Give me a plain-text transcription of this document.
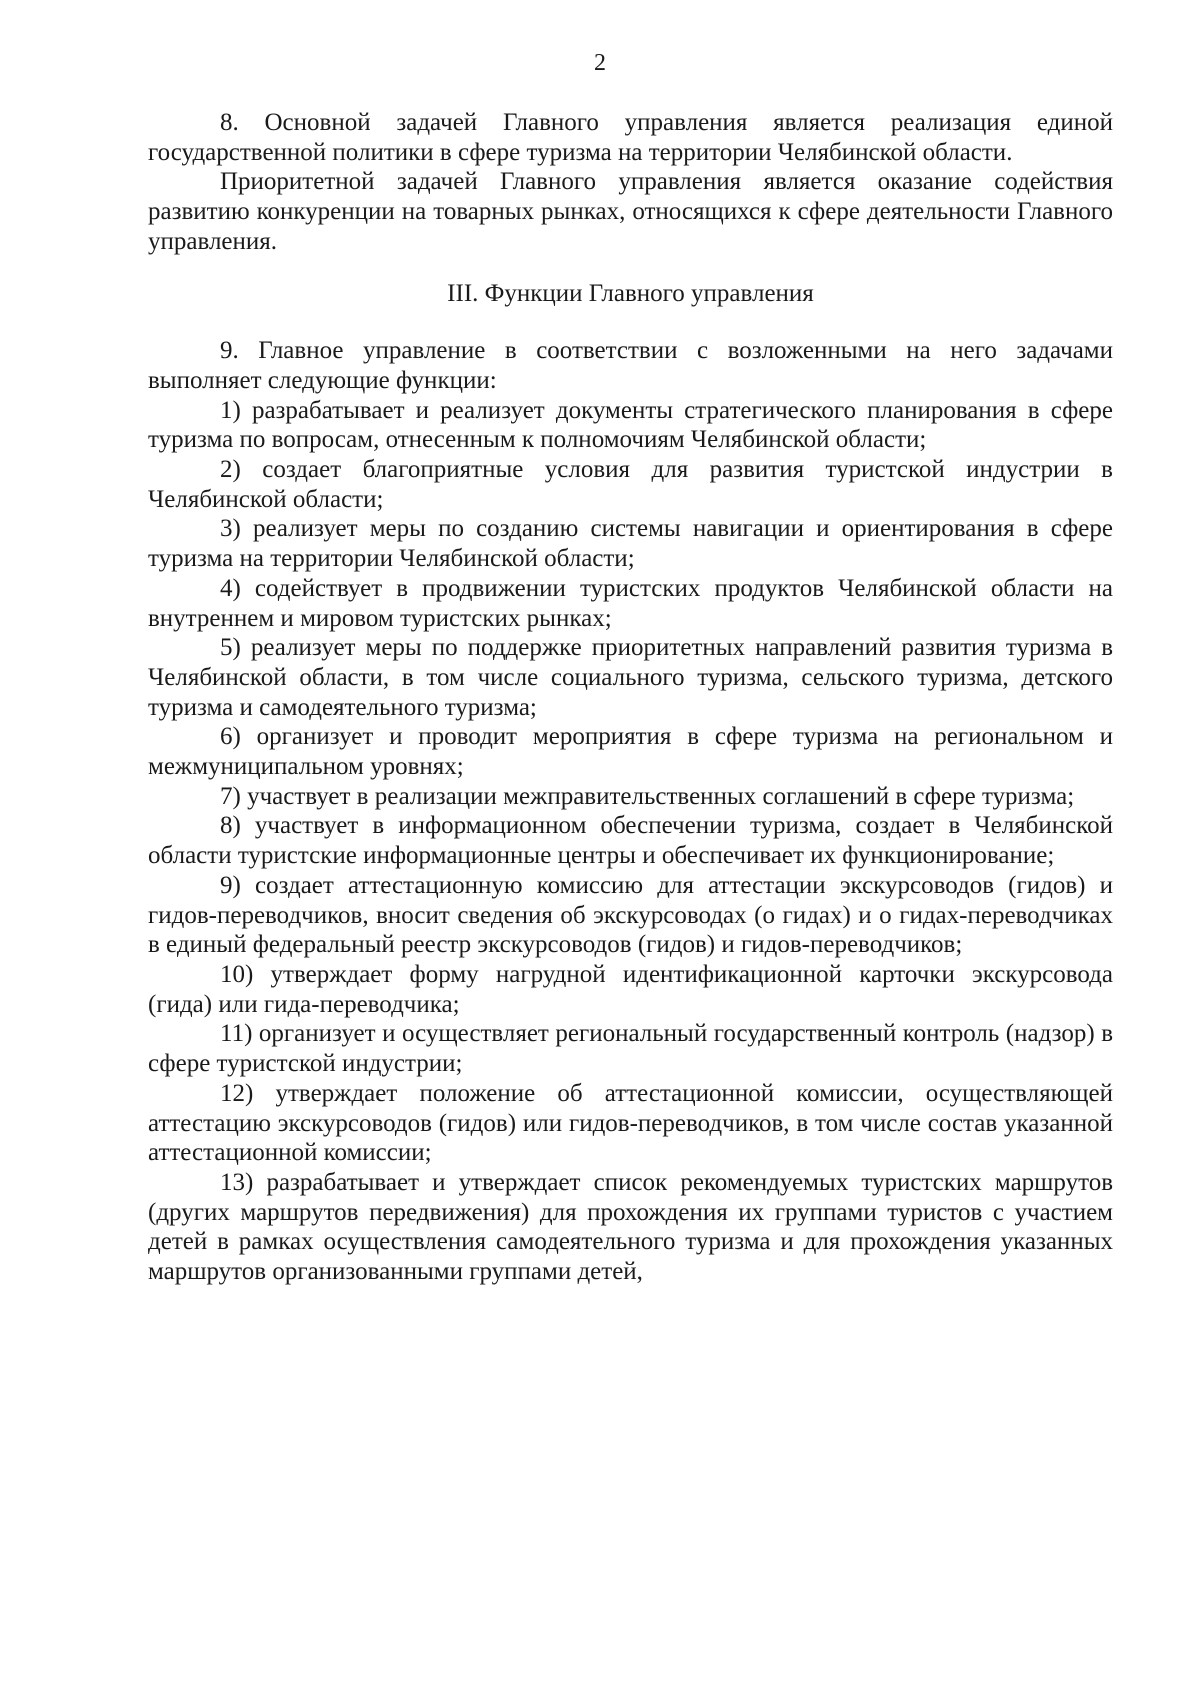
2

8. Основной задачей Главного управления является реализация единой государственной политики в сфере туризма на территории Челябинской области.

Приоритетной задачей Главного управления является оказание содействия развитию конкуренции на товарных рынках, относящихся к сфере деятельности Главного управления.

III. Функции Главного управления

9. Главное управление в соответствии с возложенными на него задачами выполняет следующие функции:

1) разрабатывает и реализует документы стратегического планирования в сфере туризма по вопросам, отнесенным к полномочиям Челябинской области;

2) создает благоприятные условия для развития туристской индустрии в Челябинской области;

3) реализует меры по созданию системы навигации и ориентирования в сфере туризма на территории Челябинской области;

4) содействует в продвижении туристских продуктов Челябинской области на внутреннем и мировом туристских рынках;

5) реализует меры по поддержке приоритетных направлений развития туризма в Челябинской области, в том числе социального туризма, сельского туризма, детского туризма и самодеятельного туризма;

6) организует и проводит мероприятия в сфере туризма на региональном и межмуниципальном уровнях;

7) участвует в реализации межправительственных соглашений в сфере туризма;

8) участвует в информационном обеспечении туризма, создает в Челябинской области туристские информационные центры и обеспечивает их функционирование;

9) создает аттестационную комиссию для аттестации экскурсоводов (гидов) и гидов-переводчиков, вносит сведения об экскурсоводах (о гидах) и о гидах-переводчиках в единый федеральный реестр экскурсоводов (гидов) и гидов-переводчиков;

10) утверждает форму нагрудной идентификационной карточки экскурсовода (гида) или гида-переводчика;

11) организует и осуществляет региональный государственный контроль (надзор) в сфере туристской индустрии;

12) утверждает положение об аттестационной комиссии, осуществляющей аттестацию экскурсоводов (гидов) или гидов-переводчиков, в том числе состав указанной аттестационной комиссии;

13) разрабатывает и утверждает список рекомендуемых туристских маршрутов (других маршрутов передвижения) для прохождения их группами туристов с участием детей в рамках осуществления самодеятельного туризма и для прохождения указанных маршрутов организованными группами детей,
